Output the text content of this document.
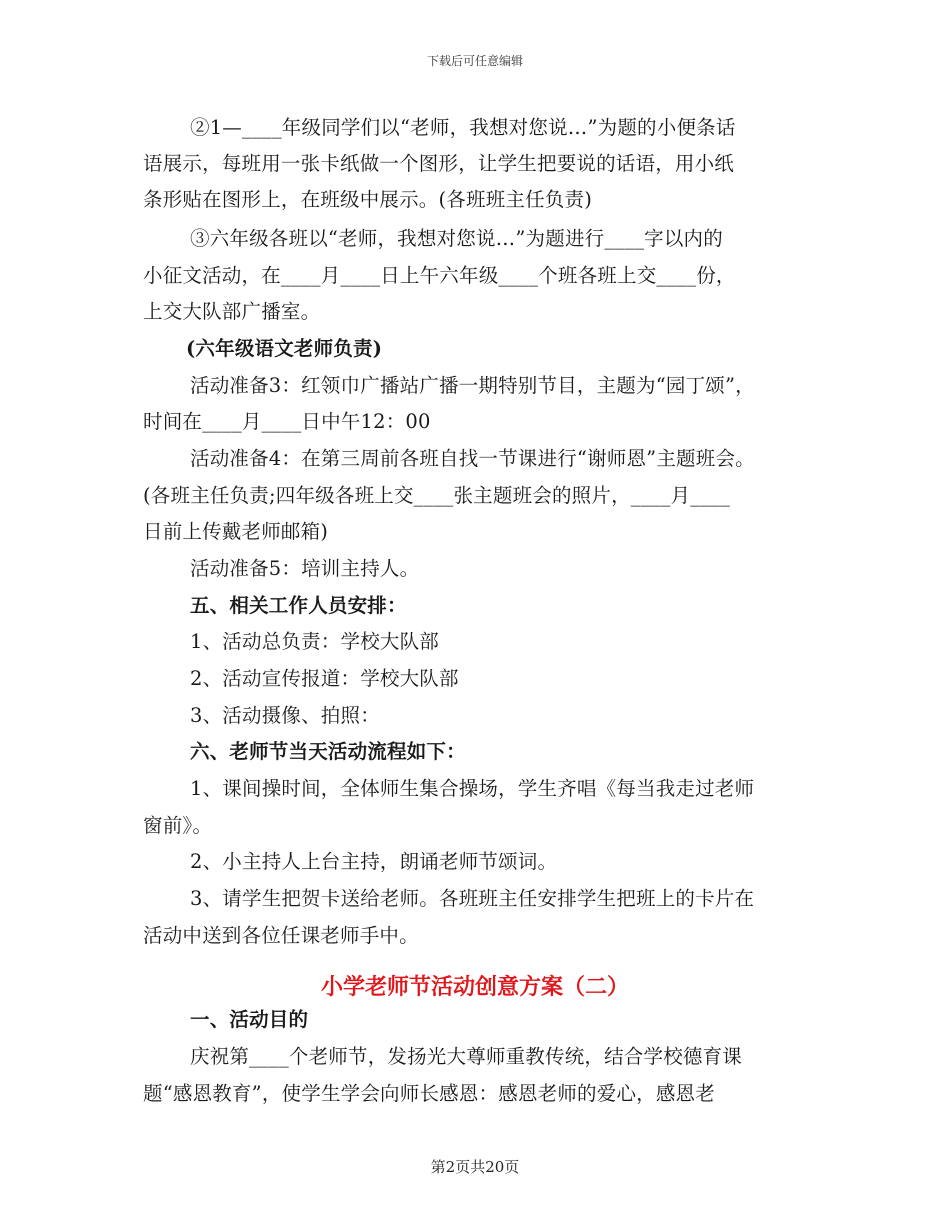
下载后可任意编辑
②1—____年级同学们以“老师，我想对您说…”为题的小便条话
语展示，每班用一张卡纸做一个图形，让学生把要说的话语，用小纸
条形贴在图形上，在班级中展示。(各班班主任负责)
③六年级各班以“老师，我想对您说…”为题进行____字以内的
小征文活动，在____月____日上午六年级____个班各班上交____份，
上交大队部广播室。
(六年级语文老师负责)
活动准备3：红领巾广播站广播一期特别节目，主题为“园丁颂”，
时间在____月____日中午12：00
活动准备4：在第三周前各班自找一节课进行“谢师恩”主题班会。
(各班主任负责;四年级各班上交____张主题班会的照片，____月____
日前上传戴老师邮箱)
活动准备5：培训主持人。
五、相关工作人员安排：
1、活动总负责：学校大队部
2、活动宣传报道：学校大队部
3、活动摄像、拍照：
六、老师节当天活动流程如下：
1、课间操时间，全体师生集合操场，学生齐唱《每当我走过老师
窗前》。
2、小主持人上台主持，朗诵老师节颂词。
3、请学生把贺卡送给老师。各班班主任安排学生把班上的卡片在
活动中送到各位任课老师手中。
小学老师节活动创意方案（二）
一、活动目的
庆祝第____个老师节，发扬光大尊师重教传统，结合学校德育课
题“感恩教育”，使学生学会向师长感恩：感恩老师的爱心，感恩老
第2页共20页
